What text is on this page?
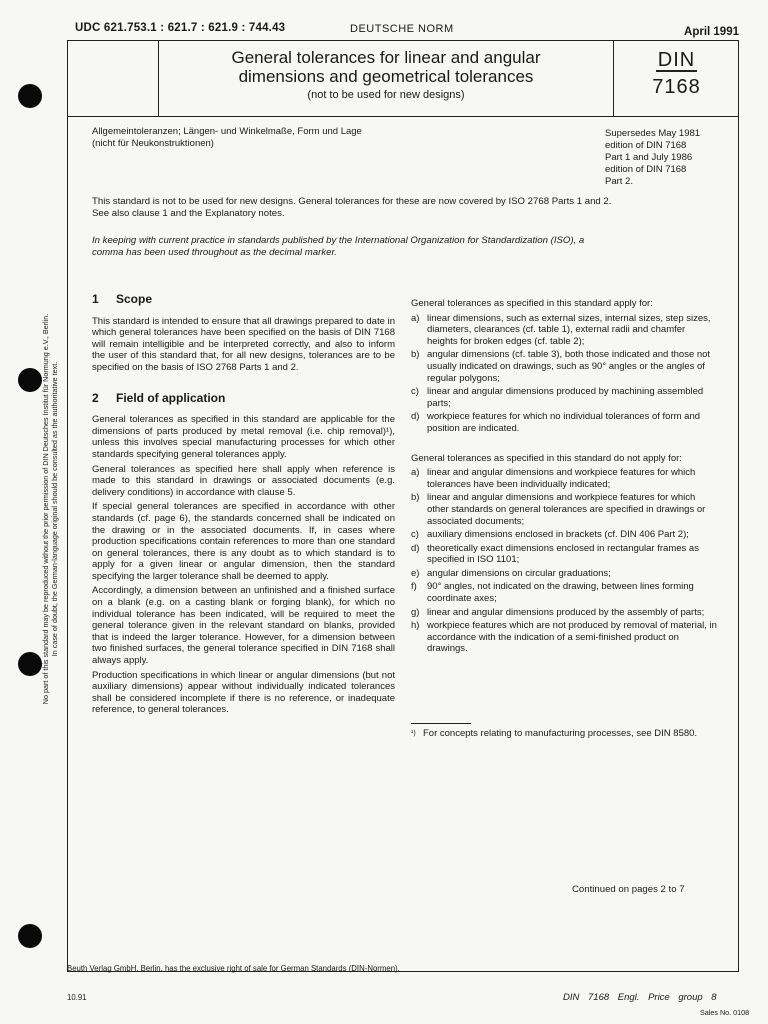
UDC 621.753.1 : 621.7 : 621.9 : 744.43	DEUTSCHE NORM	April 1991
General tolerances for linear and angular
dimensions and geometrical tolerances
(not to be used for new designs)
DIN
7168
Allgemeintoleranzen; Längen- und Winkelmaße, Form und Lage
(nicht für Neukonstruktionen)
Supersedes May 1981
edition of DIN 7168
Part 1 and July 1986
edition of DIN 7168
Part 2.
This standard is not to be used for new designs. General tolerances for these are now covered by ISO 2768 Parts 1 and 2.
See also clause 1 and the Explanatory notes.
In keeping with current practice in standards published by the International Organization for Standardization (ISO), a
comma has been used throughout as the decimal marker.
1 Scope

This standard is intended to ensure that all drawings prepared to date in which general tolerances have been specified on the basis of DIN 7168 will remain intelligible and be interpreted correctly, and also to inform the user of this standard that, for all new designs, tolerances are to be specified on the basis of ISO 2768 Parts 1 and 2.

2 Field of application

General tolerances as specified in this standard are applicable for the dimensions of parts produced by metal removal (i.e. chip removal)¹), unless this involves special manufacturing processes for which other standards specifying general tolerances apply.

General tolerances as specified here shall apply when reference is made to this standard in drawings or associated documents (e.g. delivery conditions) in accordance with clause 5.

If special general tolerances are specified in accordance with other standards (cf. page 6), the standards concerned shall be indicated on the drawing or in the associated documents. If, in cases where production specifications contain references to more than one standard on general tolerances, there is any doubt as to which standard is to apply for a given linear or angular dimension, then the standard specifying the larger tolerance shall be deemed to apply.

Accordingly, a dimension between an unfinished and a finished surface on a blank (e.g. on a casting blank or forging blank), for which no individual tolerance has been indicated, will be required to meet the general tolerance given in the relevant standard on blanks, provided that is indeed the larger tolerance. However, for a dimension between two finished surfaces, the general tolerance specified in DIN 7168 shall always apply.

Production specifications in which linear or angular dimensions (but not auxiliary dimensions) appear without individually indicated tolerances shall be considered incomplete if there is no reference, or inadequate reference, to general tolerances.

General tolerances as specified in this standard apply for:

a) linear dimensions, such as external sizes, internal sizes, step sizes, diameters, clearances (cf. table 1), external radii and chamfer heights for broken edges (cf. table 2);
b) angular dimensions (cf. table 3), both those indicated and those not usually indicated on drawings, such as 90° angles or the angles of regular polygons;
c) linear and angular dimensions produced by machining assembled parts;
d) workpiece features for which no individual tolerances of form and position are indicated.

General tolerances as specified in this standard do not apply for:

a) linear and angular dimensions and workpiece features for which tolerances have been individually indicated;
b) linear and angular dimensions and workpiece features for which other standards on general tolerances are specified in drawings or associated documents;
c) auxiliary dimensions enclosed in brackets (cf. DIN 406 Part 2);
d) theoretically exact dimensions enclosed in rectangular frames as specified in ISO 1101;
e) angular dimensions on circular graduations;
f)	90° angles, not indicated on the drawing, between lines forming coordinate axes;
g) linear and angular dimensions produced by the assembly of parts;
h) workpiece features which are not produced by removal of material, in accordance with the indication of a semi-finished product on drawings.
¹) For concepts relating to manufacturing processes, see DIN 8580.
Continued on pages 2 to 7
No part of this standard may be reproduced without the prior permission of DIN Deutsches Institut für Normung e.V., Berlin. In case of doubt, the German-language original should be consulted as the authoritative text.
Beuth Verlag GmbH, Berlin, has the exclusive right of sale for German Standards (DIN-Normen).
10.91	DIN 7168 Engl. Price group 8
Sales No. 0108
